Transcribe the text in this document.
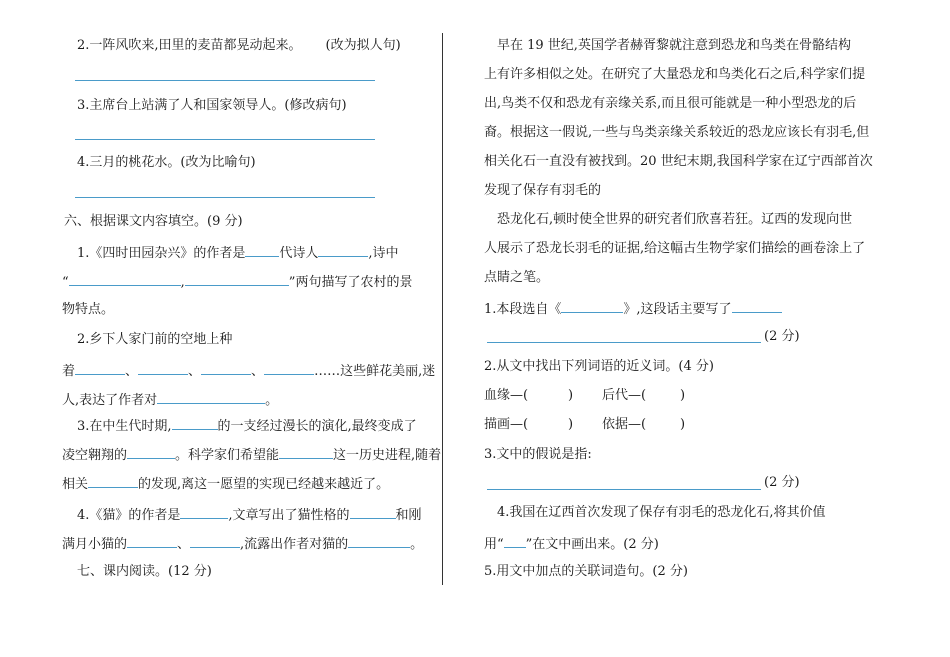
2.一阵风吹来,田里的麦苗都晃动起来。 (改为拟人句)
3.主席台上站满了人和国家领导人。(修改病句)
4.三月的桃花水。(改为比喻句)
六、根据课文内容填空。(9 分)
1.《四时田园杂兴》的作者是	代诗人	,诗中
“	,	”两句描写了农村的景
物特点。
2.乡下人家门前的空地上种
着	、	、	、	……这些鲜花美丽,迷
人,表达了作者对	。
3.在中生代时期,	的一支经过漫长的演化,最终变成了
凌空翱翔的	。科学家们希望能	这一历史进程,随着
相关	的发现,离这一愿望的实现已经越来越近了。
4.《猫》的作者是	,文章写出了猫性格的	和刚
满月小猫的	、	,流露出作者对猫的	。
七、课内阅读。(12 分)
早在 19 世纪,英国学者赫胥黎就注意到恐龙和鸟类在骨骼结构
上有许多相似之处。在研究了大量恐龙和鸟类化石之后,科学家们提
出,鸟类不仅和恐龙有亲缘关系,而且很可能就是一种小型恐龙的后
裔。根据这一假说,一些与鸟类亲缘关系较近的恐龙应该长有羽毛,但
相关化石一直没有被找到。20 世纪末期,我国科学家在辽宁西部首次
发现了保存有羽毛的
恐龙化石,顿时使全世界的研究者们欣喜若狂。辽西的发现向世
人展示了恐龙长羽毛的证据,给这幅古生物学家们描绘的画卷涂上了
点睛之笔。
1.本段选自《	》,这段话主要写了
(2 分)
2.从文中找出下列词语的近义词。(4 分)
血缘—(	) 后代—(	)
描画—(	) 依据—(	)
3.文中的假说是指:
(2 分)
4.我国在辽西首次发现了保存有羽毛的恐龙化石,将其价值
用“ ”在文中画出来。(2 分)
5.用文中加点的关联词造句。(2 分)
